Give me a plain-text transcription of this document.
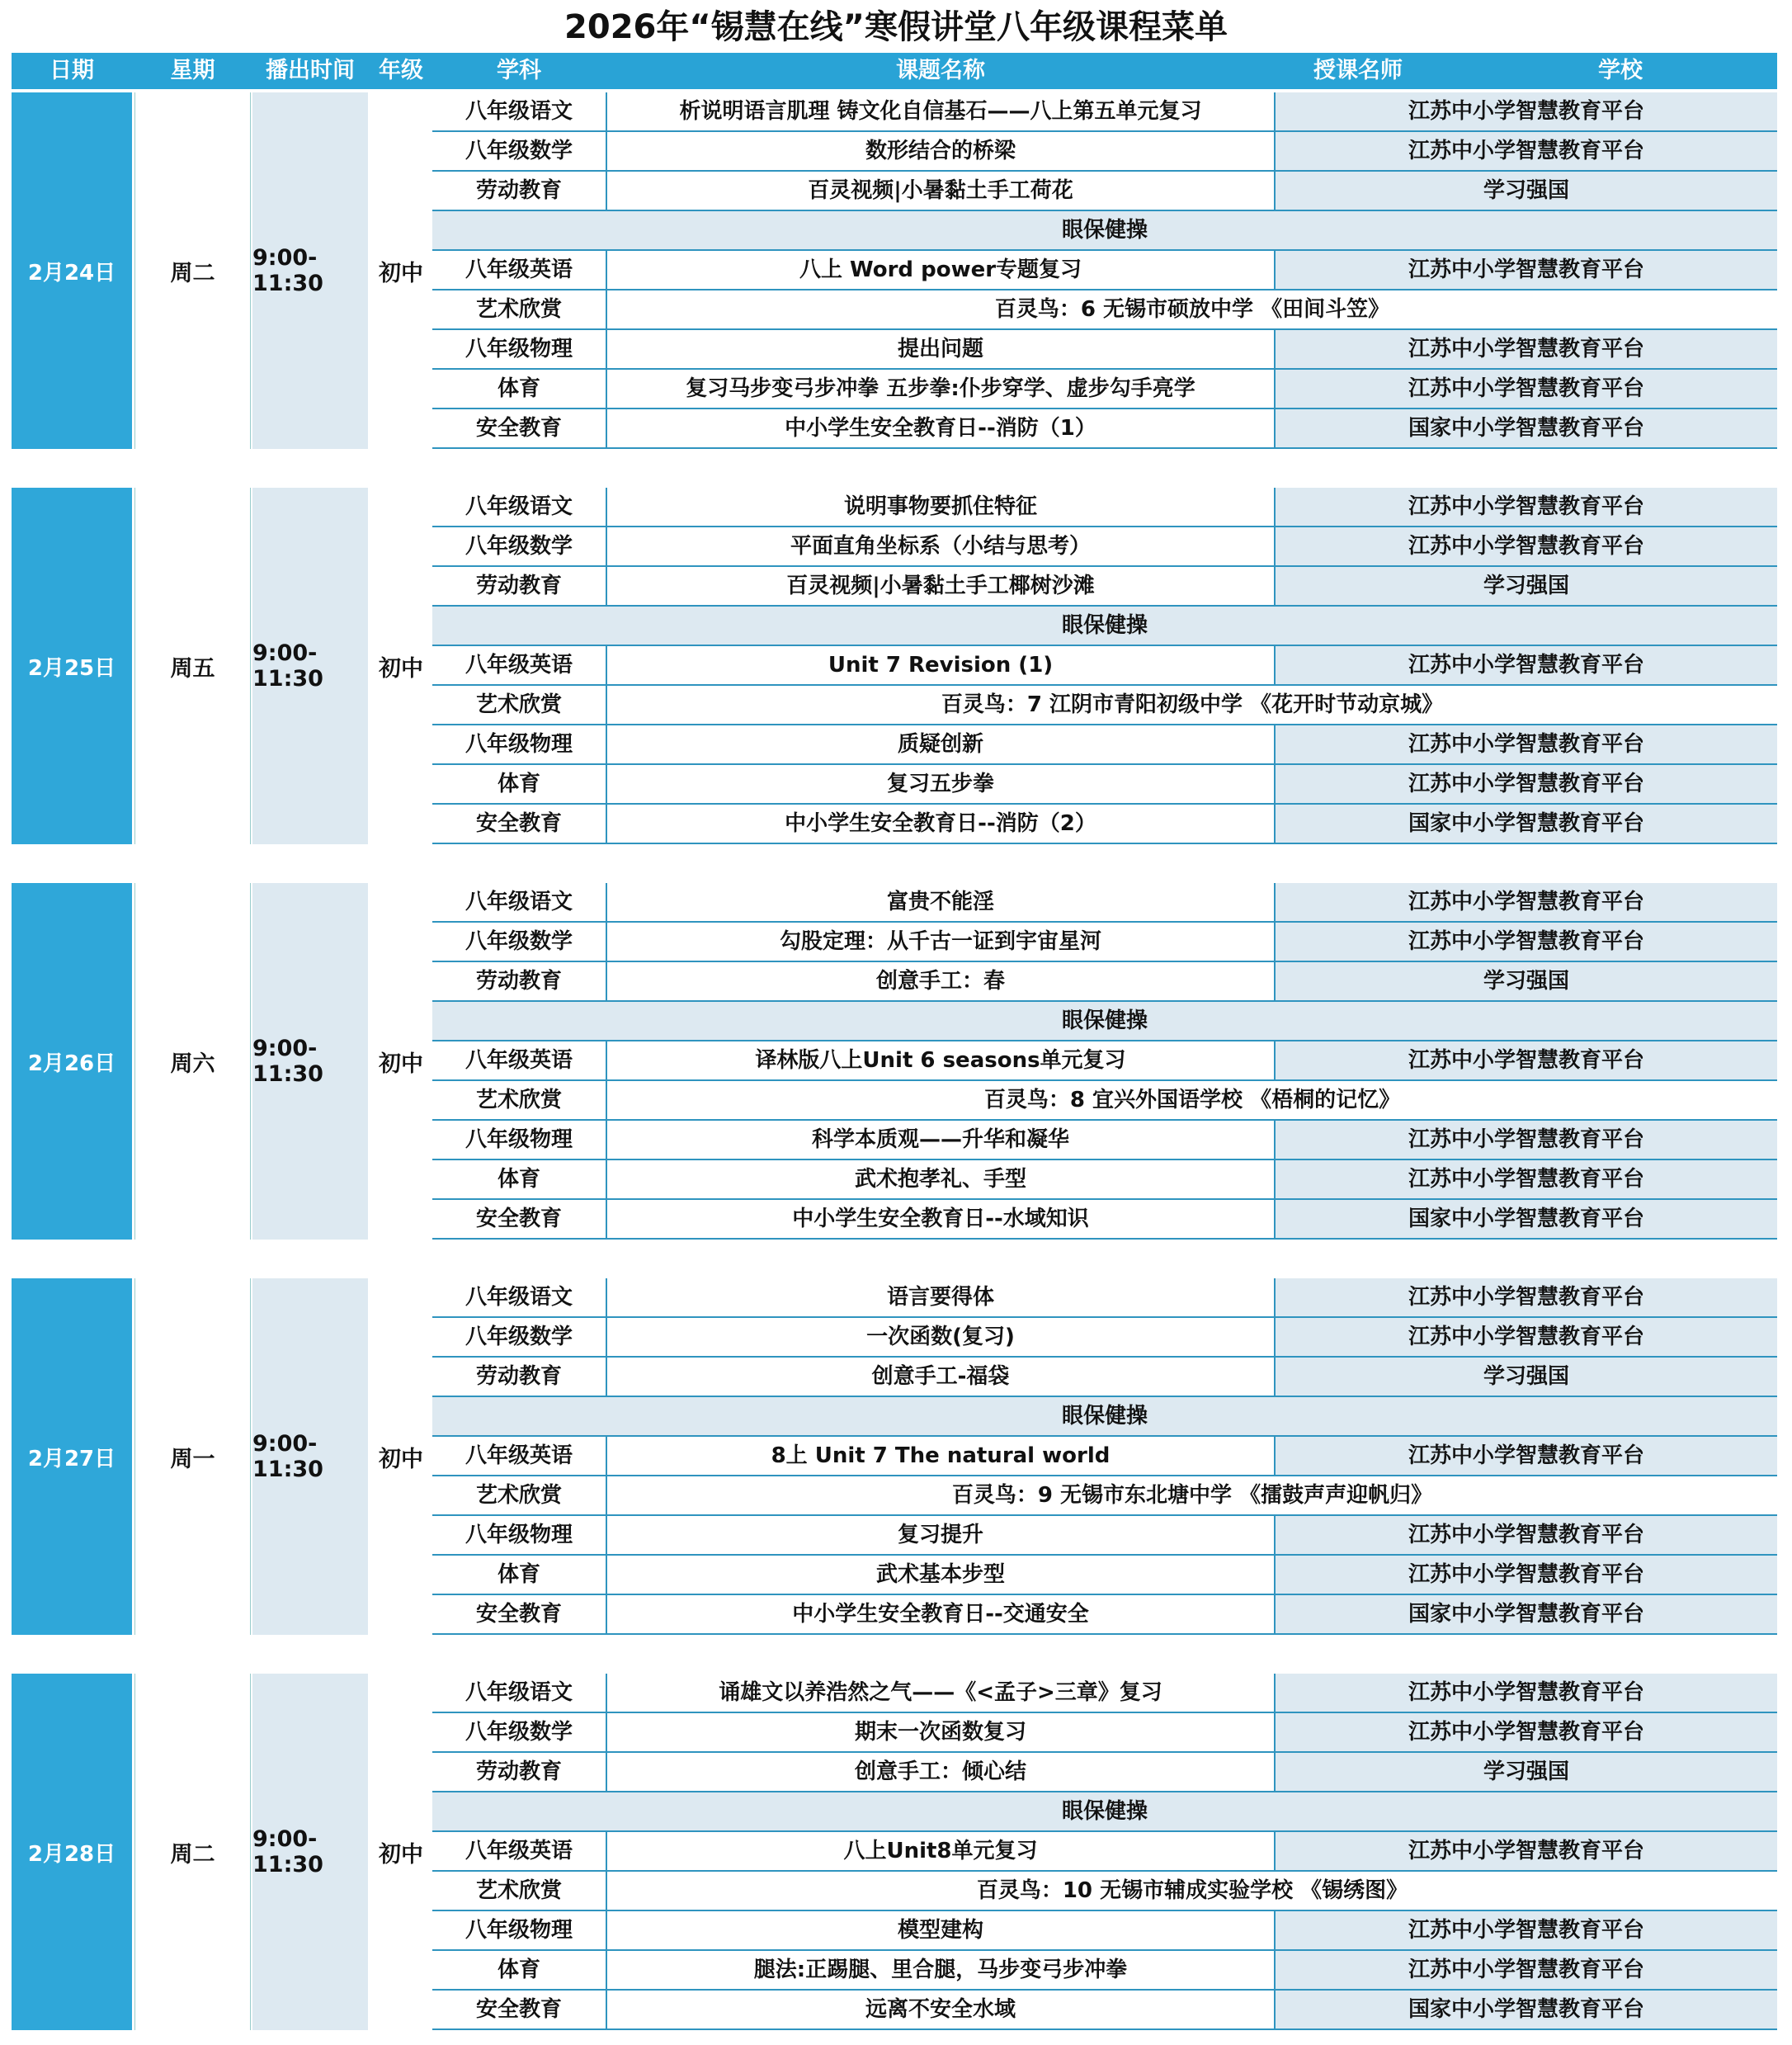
2026年“锡慧在线”寒假讲堂八年级课程菜单
日期	星期	播出时间	年级	学科	课题名称	授课名师	学校
2月24日	周二
9:00-11:30	初中
八年级语文	析说明语言肌理 铸文化自信基石——八上第五单元复习	江苏中小学智慧教育平台
八年级数学	数形结合的桥梁	江苏中小学智慧教育平台
劳动教育	百灵视频|小暑黏土手工荷花	学习强国
眼保健操
八年级英语	八上 Word power专题复习	江苏中小学智慧教育平台
艺术欣赏	百灵鸟：6 无锡市硕放中学 《田间斗笠》
八年级物理	提出问题	江苏中小学智慧教育平台
体育	复习马步变弓步冲拳 五步拳:仆步穿学、虚步勾手亮学	江苏中小学智慧教育平台
安全教育	中小学生安全教育日--消防（1）	国家中小学智慧教育平台
2月25日	周五
9:00-11:30	初中
八年级语文	说明事物要抓住特征	江苏中小学智慧教育平台
八年级数学	平面直角坐标系（小结与思考）	江苏中小学智慧教育平台
劳动教育	百灵视频|小暑黏土手工椰树沙滩	学习强国
眼保健操
八年级英语	Unit 7 Revision (1)	江苏中小学智慧教育平台
艺术欣赏	百灵鸟：7 江阴市青阳初级中学 《花开时节动京城》
八年级物理	质疑创新	江苏中小学智慧教育平台
体育	复习五步拳	江苏中小学智慧教育平台
安全教育	中小学生安全教育日--消防（2）	国家中小学智慧教育平台
2月26日	周六
9:00-11:30	初中
八年级语文	富贵不能淫	江苏中小学智慧教育平台
八年级数学	勾股定理：从千古一证到宇宙星河	江苏中小学智慧教育平台
劳动教育	创意手工：春	学习强国
眼保健操
八年级英语	译林版八上Unit 6 seasons单元复习	江苏中小学智慧教育平台
艺术欣赏	百灵鸟：8 宜兴外国语学校 《梧桐的记忆》
八年级物理	科学本质观——升华和凝华	江苏中小学智慧教育平台
体育	武术抱孝礼、手型	江苏中小学智慧教育平台
安全教育	中小学生安全教育日--水域知识	国家中小学智慧教育平台
2月27日	周一
9:00-11:30	初中
八年级语文	语言要得体	江苏中小学智慧教育平台
八年级数学	一次函数(复习)	江苏中小学智慧教育平台
劳动教育	创意手工-福袋	学习强国
眼保健操
八年级英语	8上 Unit 7 The natural world	江苏中小学智慧教育平台
艺术欣赏	百灵鸟：9 无锡市东北塘中学 《擂鼓声声迎帆归》
八年级物理	复习提升	江苏中小学智慧教育平台
体育	武术基本步型	江苏中小学智慧教育平台
安全教育	中小学生安全教育日--交通安全	国家中小学智慧教育平台
2月28日	周二
9:00-11:30	初中
八年级语文	诵雄文以养浩然之气——《<孟子>三章》复习	江苏中小学智慧教育平台
八年级数学	期末一次函数复习	江苏中小学智慧教育平台
劳动教育	创意手工：倾心结	学习强国
眼保健操
八年级英语	八上Unit8单元复习	江苏中小学智慧教育平台
艺术欣赏	百灵鸟：10 无锡市辅成实验学校 《锡绣图》
八年级物理	模型建构	江苏中小学智慧教育平台
体育	腿法:正踢腿、里合腿，马步变弓步冲拳	江苏中小学智慧教育平台
安全教育	远离不安全水域	国家中小学智慧教育平台
